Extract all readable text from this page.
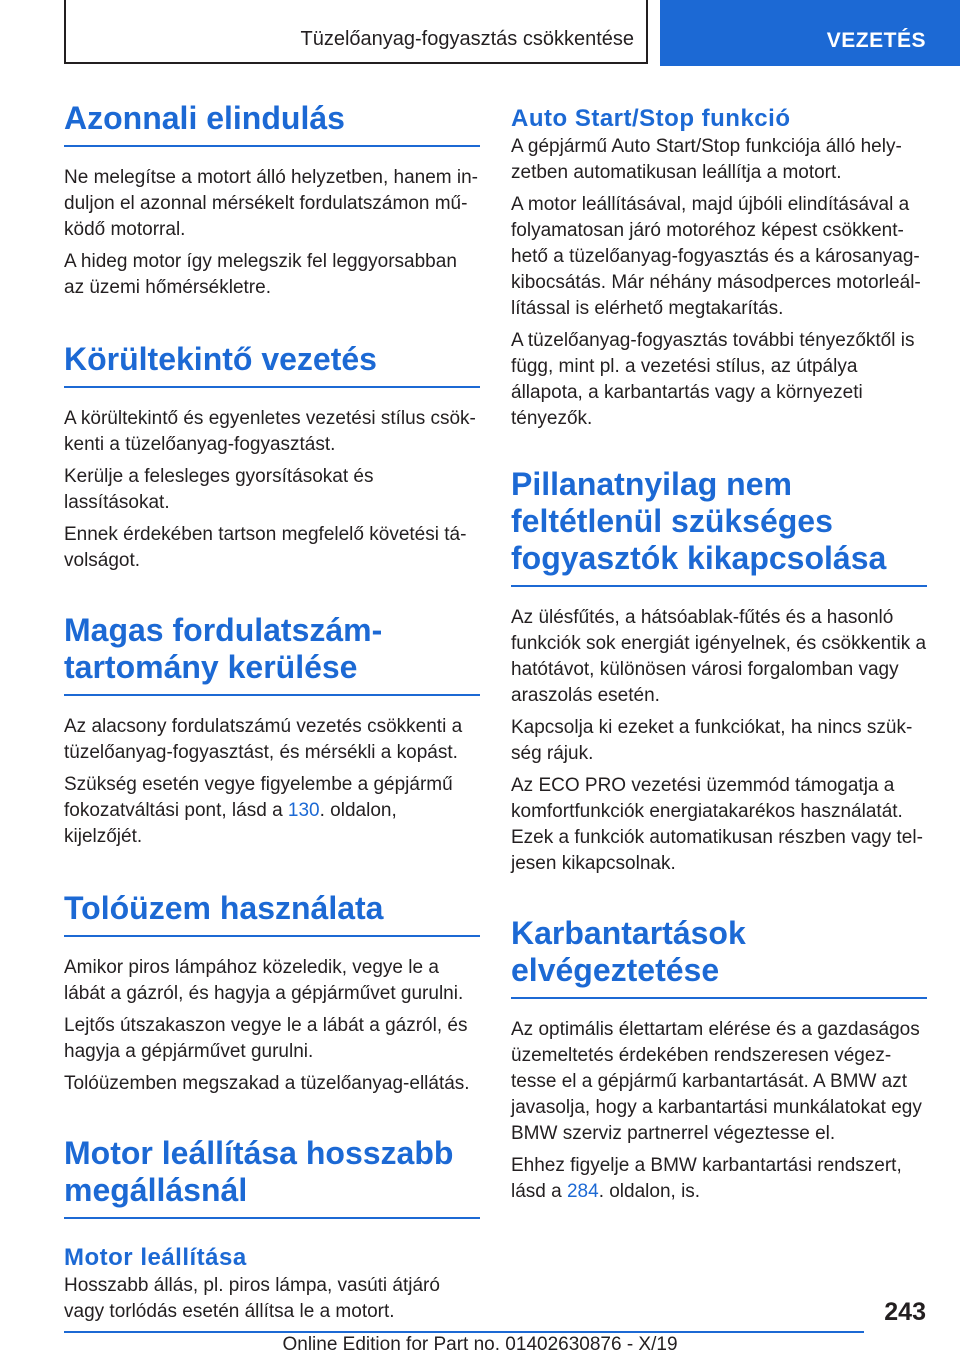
Tüzelőanyag-fogyasztás csökkentése	VEZETÉS
Azonnali elindulás

Ne melegítse a motort álló helyzetben, hanem induljon el azonnal mérsékelt fordulatszámon működő motorral.

A hideg motor így melegszik fel leggyorsabban az üzemi hőmérsékletre.

Körültekintő vezetés

A körültekintő és egyenletes vezetési stílus csökkenti a tüzelőanyag-fogyasztást.

Kerülje a felesleges gyorsításokat és lassításokat.

Ennek érdekében tartson megfelelő követési távolságot.

Magas fordulatszám-tartomány kerülése

Az alacsony fordulatszámú vezetés csökkenti a tüzelőanyag-fogyasztást, és mérsékli a kopást.

Szükség esetén vegye figyelembe a gépjármű fokozatváltási pont, lásd a 130. oldalon, kijelzőjét.

Tolóüzem használata

Amikor piros lámpához közeledik, vegye le a lábát a gázról, és hagyja a gépjárművet gurulni.

Lejtős útszakaszon vegye le a lábát a gázról, és hagyja a gépjárművet gurulni.

Tolóüzemben megszakad a tüzelőanyag-ellátás.

Motor leállítása hosszabb megállásnál
Motor leállítása

Hosszabb állás, pl. piros lámpa, vasúti átjáró vagy torlódás esetén állítsa le a motort.

Auto Start/Stop funkció

A gépjármű Auto Start/Stop funkciója álló helyzetben automatikusan leállítja a motort.

A motor leállításával, majd újbóli elindításával a folyamatosan járó motoréhoz képest csökkenthető a tüzelőanyag-fogyasztás és a károsanyag-kibocsátás. Már néhány másodperces motorleállítással is elérhető megtakarítás.

A tüzelőanyag-fogyasztás további tényezőktől is függ, mint pl. a vezetési stílus, az útpálya állapota, a karbantartás vagy a környezeti tényezők.

Pillanatnyilag nem feltétlenül szükséges fogyasztók kikapcsolása

Az ülésfűtés, a hátsóablak-fűtés és a hasonló funkciók sok energiát igényelnek, és csökkentik a hatótávot, különösen városi forgalomban vagy araszolás esetén.

Kapcsolja ki ezeket a funkciókat, ha nincs szükség rájuk.

Az ECO PRO vezetési üzemmód támogatja a komfortfunkciók energiatakarékos használatát. Ezek a funkciók automatikusan részben vagy teljesen kikapcsolnak.

Karbantartások elvégeztetése

Az optimális élettartam elérése és a gazdaságos üzemeltetés érdekében rendszeresen végeztesse el a gépjármű karbantartását. A BMW azt javasolja, hogy a karbantartási munkálatokat egy BMW szerviz partnerrel végeztesse el.

Ehhez figyelje a BMW karbantartási rendszert, lásd a 284. oldalon, is.

243
Online Edition for Part no. 01402630876 - X/19
